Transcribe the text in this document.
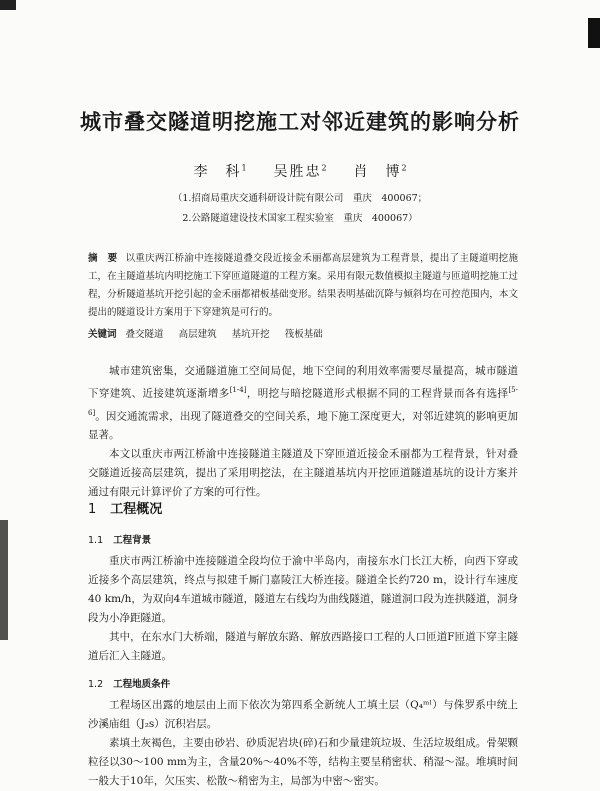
城市叠交隧道明挖施工对邻近建筑的影响分析
李　科$^1$ 吴胜忠$^2$ 肖　博$^2$
（1.招商局重庆交通科研设计院有限公司　重庆　400067；
2.公路隧道建设技术国家工程实验室　重庆　400067）
摘　要 以重庆两江桥渝中连接隧道叠交段近接金禾丽都高层建筑为工程背景，提出了主隧道明挖施工，在主隧道基坑内明挖施工下穿匝道隧道的工程方案。采用有限元数值模拟主隧道与匝道明挖施工过程，分析隧道基坑开挖引起的金禾丽都裙板基础变形。结果表明基础沉降与倾斜均在可控范围内，本文提出的隧道设计方案用于下穿建筑是可行的。
关键词 叠交隧道 高层建筑 基坑开挖 筏板基础

城市建筑密集，交通隧道施工空间局促，地下空间的利用效率需要尽量提高，城市隧道下穿建筑、近接建筑逐渐增多[1-4]，明挖与暗挖隧道形式根据不同的工程背景而各有选择[5-6]。因交通流需求，出现了隧道叠交的空间关系，地下施工深度更大，对邻近建筑的影响更加显著。

本文以重庆市两江桥渝中连接隧道主隧道及下穿匝道近接金禾丽都为工程背景，针对叠交隧道近接高层建筑，提出了采用明挖法，在主隧道基坑内开挖匝道隧道基坑的设计方案并通过有限元计算评价了方案的可行性。

1 工程概况
1.1 工程背景

重庆市两江桥渝中连接隧道全段均位于渝中半岛内，南接东水门长江大桥，向西下穿或近接多个高层建筑，终点与拟建千厮门嘉陵江大桥连接。隧道全长约720 m，设计行车速度40 km/h，为双向4车道城市隧道，隧道左右线均为曲线隧道，隧道洞口段为连拱隧道，洞身段为小净距隧道。

其中，在东水门大桥端，隧道与解放东路、解放西路接口工程的人口匝道F匝道下穿主隧道后汇入主隧道。

1.2 工程地质条件

工程场区出露的地层由上而下依次为第四系全新统人工填土层（Q₄ᵐˡ）与侏罗系中统上沙溪庙组（J₂s）沉积岩层。

素填土灰褐色，主要由砂岩、砂质泥岩块(碎)石和少量建筑垃圾、生活垃圾组成。骨架颗粒径以30～100 mm为主，含量20%～40%不等，结构主要呈稍密状、稍湿～湿。堆填时间一般大于10年，欠压实、松散～稍密为主，局部为中密～密实。
